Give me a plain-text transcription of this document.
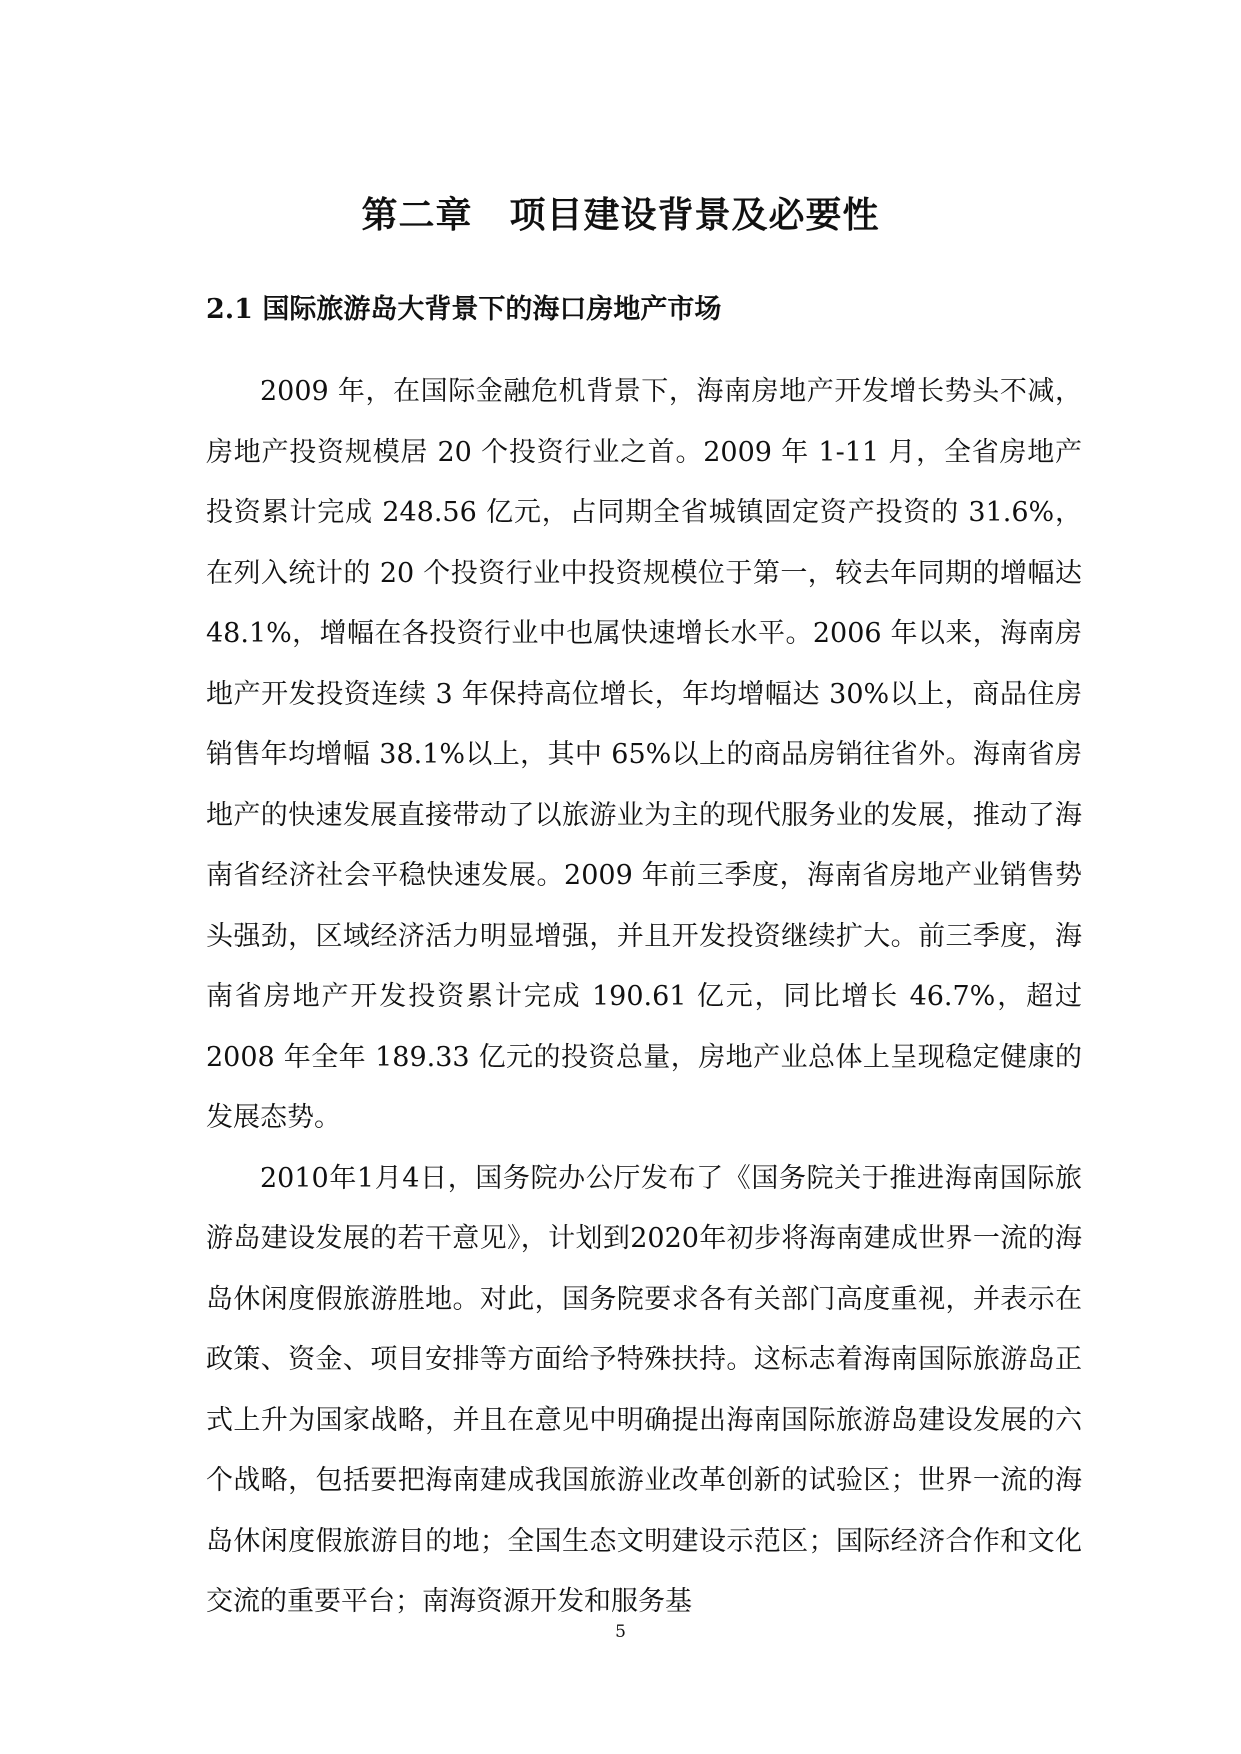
第二章　项目建设背景及必要性
2.1 国际旅游岛大背景下的海口房地产市场

2009 年，在国际金融危机背景下，海南房地产开发增长势头不减，房地产投资规模居 20 个投资行业之首。2009 年 1-11 月，全省房地产投资累计完成 248.56 亿元，占同期全省城镇固定资产投资的 31.6%，在列入统计的 20 个投资行业中投资规模位于第一，较去年同期的增幅达 48.1%，增幅在各投资行业中也属快速增长水平。2006 年以来，海南房地产开发投资连续 3 年保持高位增长，年均增幅达 30%以上，商品住房销售年均增幅 38.1%以上，其中 65%以上的商品房销往省外。海南省房地产的快速发展直接带动了以旅游业为主的现代服务业的发展，推动了海南省经济社会平稳快速发展。2009 年前三季度，海南省房地产业销售势头强劲，区域经济活力明显增强，并且开发投资继续扩大。前三季度，海南省房地产开发投资累计完成 190.61 亿元，同比增长 46.7%，超过 2008 年全年 189.33 亿元的投资总量，房地产业总体上呈现稳定健康的发展态势。

2010年1月4日，国务院办公厅发布了《国务院关于推进海南国际旅游岛建设发展的若干意见》，计划到2020年初步将海南建成世界一流的海岛休闲度假旅游胜地。对此，国务院要求各有关部门高度重视，并表示在政策、资金、项目安排等方面给予特殊扶持。这标志着海南国际旅游岛正式上升为国家战略，并且在意见中明确提出海南国际旅游岛建设发展的六个战略，包括要把海南建成我国旅游业改革创新的试验区；世界一流的海岛休闲度假旅游目的地；全国生态文明建设示范区；国际经济合作和文化交流的重要平台；南海资源开发和服务基

5
